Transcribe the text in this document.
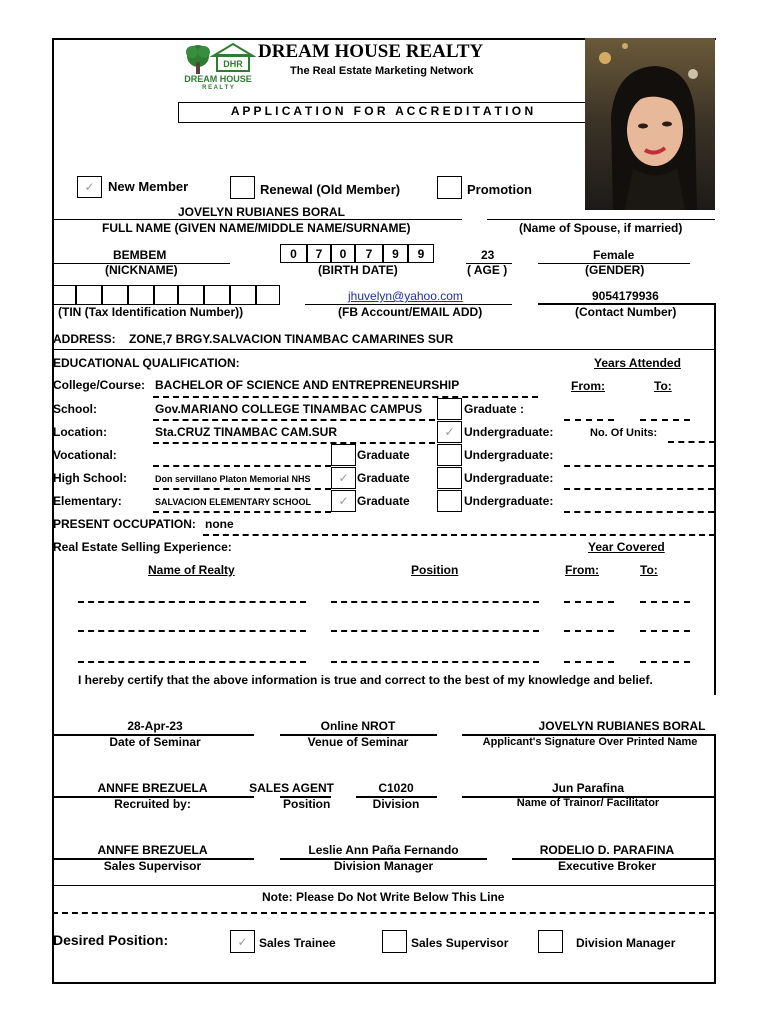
DHR
DREAM HOUSE
R E A L T Y
DREAM HOUSE REALTY
The Real Estate Marketing Network
A P P L I C A T I O N   F O R   A C C R E D I T A T I O N
✓	New Member	Renewal (Old Member)	Promotion
JOVELYN RUBIANES BORAL
FULL NAME (GIVEN NAME/MIDDLE NAME/SURNAME)	(Name of Spouse, if married)
BEMBEM
(NICKNAME)
0	7	0	7	9	9
(BIRTH DATE)
23
( AGE )
Female
(GENDER)
(TIN (Tax Identification Number))
jhuvelyn@yahoo.com
(FB Account/EMAIL ADD)
9054179936
(Contact Number)
ADDRESS: ZONE,7 BRGY.SALVACION TINAMBAC CAMARINES SUR
EDUCATIONAL QUALIFICATION:	Years Attended
College/Course: BACHELOR OF SCIENCE AND ENTREPRENEURSHIP	From:	To:
School:	Gov.MARIANO COLLEGE TINAMBAC CAMPUS	Graduate :
Location:	Sta.CRUZ TINAMBAC CAM.SUR	✓ Undergraduate:	No. Of Units:
Vocational:	Graduate	Undergraduate:
High School:	Don servillano Platon Memorial NHS	✓ Graduate	Undergraduate:
Elementary:	SALVACION ELEMENTARY SCHOOL	✓ Graduate	Undergraduate:
PRESENT OCCUPATION: none
Real Estate Selling Experience:	Year Covered
Name of Realty	Position	From:	To:
I hereby certify that the above information is true and correct to the best of my knowledge and belief.
28-Apr-23
Date of Seminar
Online NROT
Venue of Seminar
JOVELYN RUBIANES BORAL
Applicant's Signature Over Printed Name
ANNFE BREZUELA
Recruited by:
SALES AGENT
Position
C1020
Division
Jun Parafina
Name of Trainor/ Facilitator
ANNFE BREZUELA
Sales Supervisor
Leslie Ann Paña Fernando
Division Manager
RODELIO D. PARAFINA
Executive Broker
Note: Please Do Not Write Below This Line
Desired Position:	✓ Sales Trainee	Sales Supervisor	Division Manager
